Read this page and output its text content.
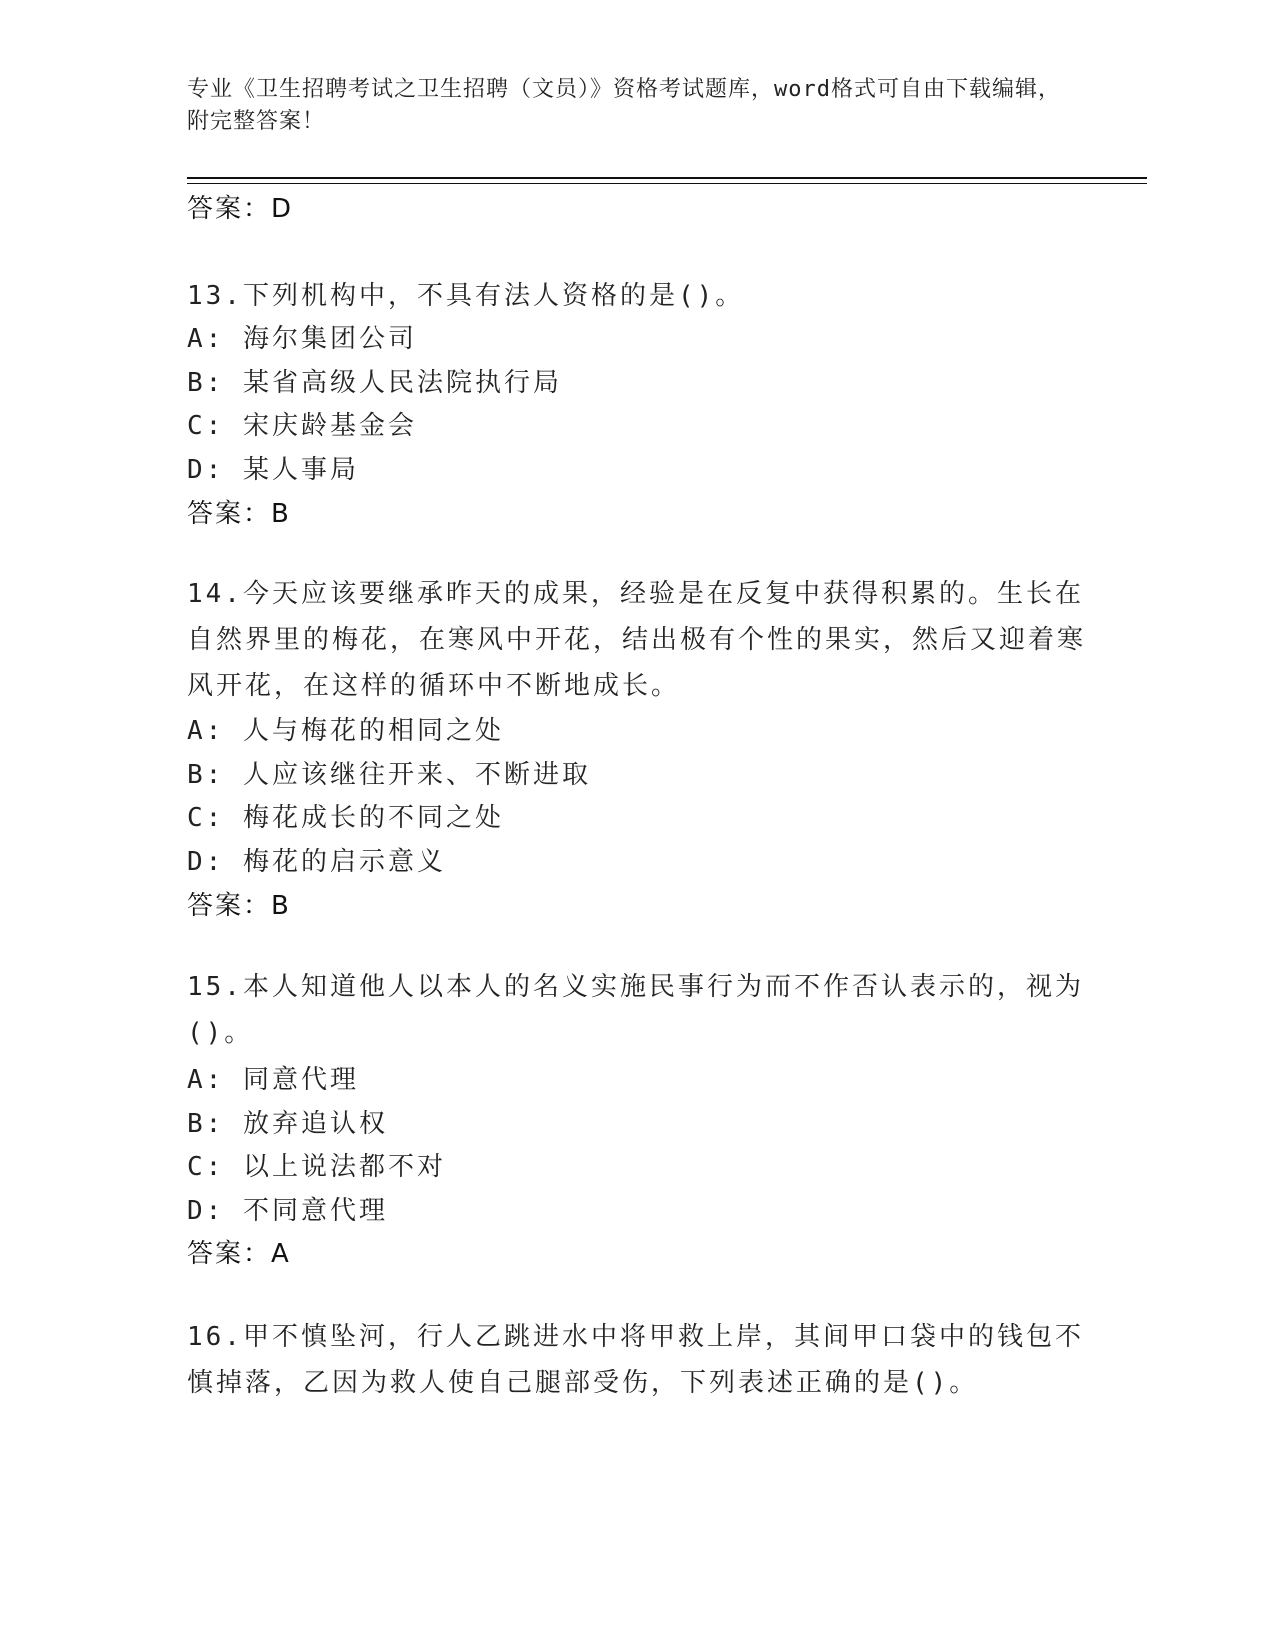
专业《卫生招聘考试之卫生招聘（文员）》资格考试题库，word格式可自由下载编辑，附完整答案！
答案：D
13.下列机构中，不具有法人资格的是()。
A: 海尔集团公司
B: 某省高级人民法院执行局
C: 宋庆龄基金会
D: 某人事局
答案：B
14.今天应该要继承昨天的成果，经验是在反复中获得积累的。生长在自然界里的梅花，在寒风中开花，结出极有个性的果实，然后又迎着寒风开花，在这样的循环中不断地成长。
A: 人与梅花的相同之处
B: 人应该继往开来、不断进取
C: 梅花成长的不同之处
D: 梅花的启示意义
答案：B
15.本人知道他人以本人的名义实施民事行为而不作否认表示的，视为()。
A: 同意代理
B: 放弃追认权
C: 以上说法都不对
D: 不同意代理
答案：A
16.甲不慎坠河，行人乙跳进水中将甲救上岸，其间甲口袋中的钱包不慎掉落，乙因为救人使自己腿部受伤，下列表述正确的是()。
